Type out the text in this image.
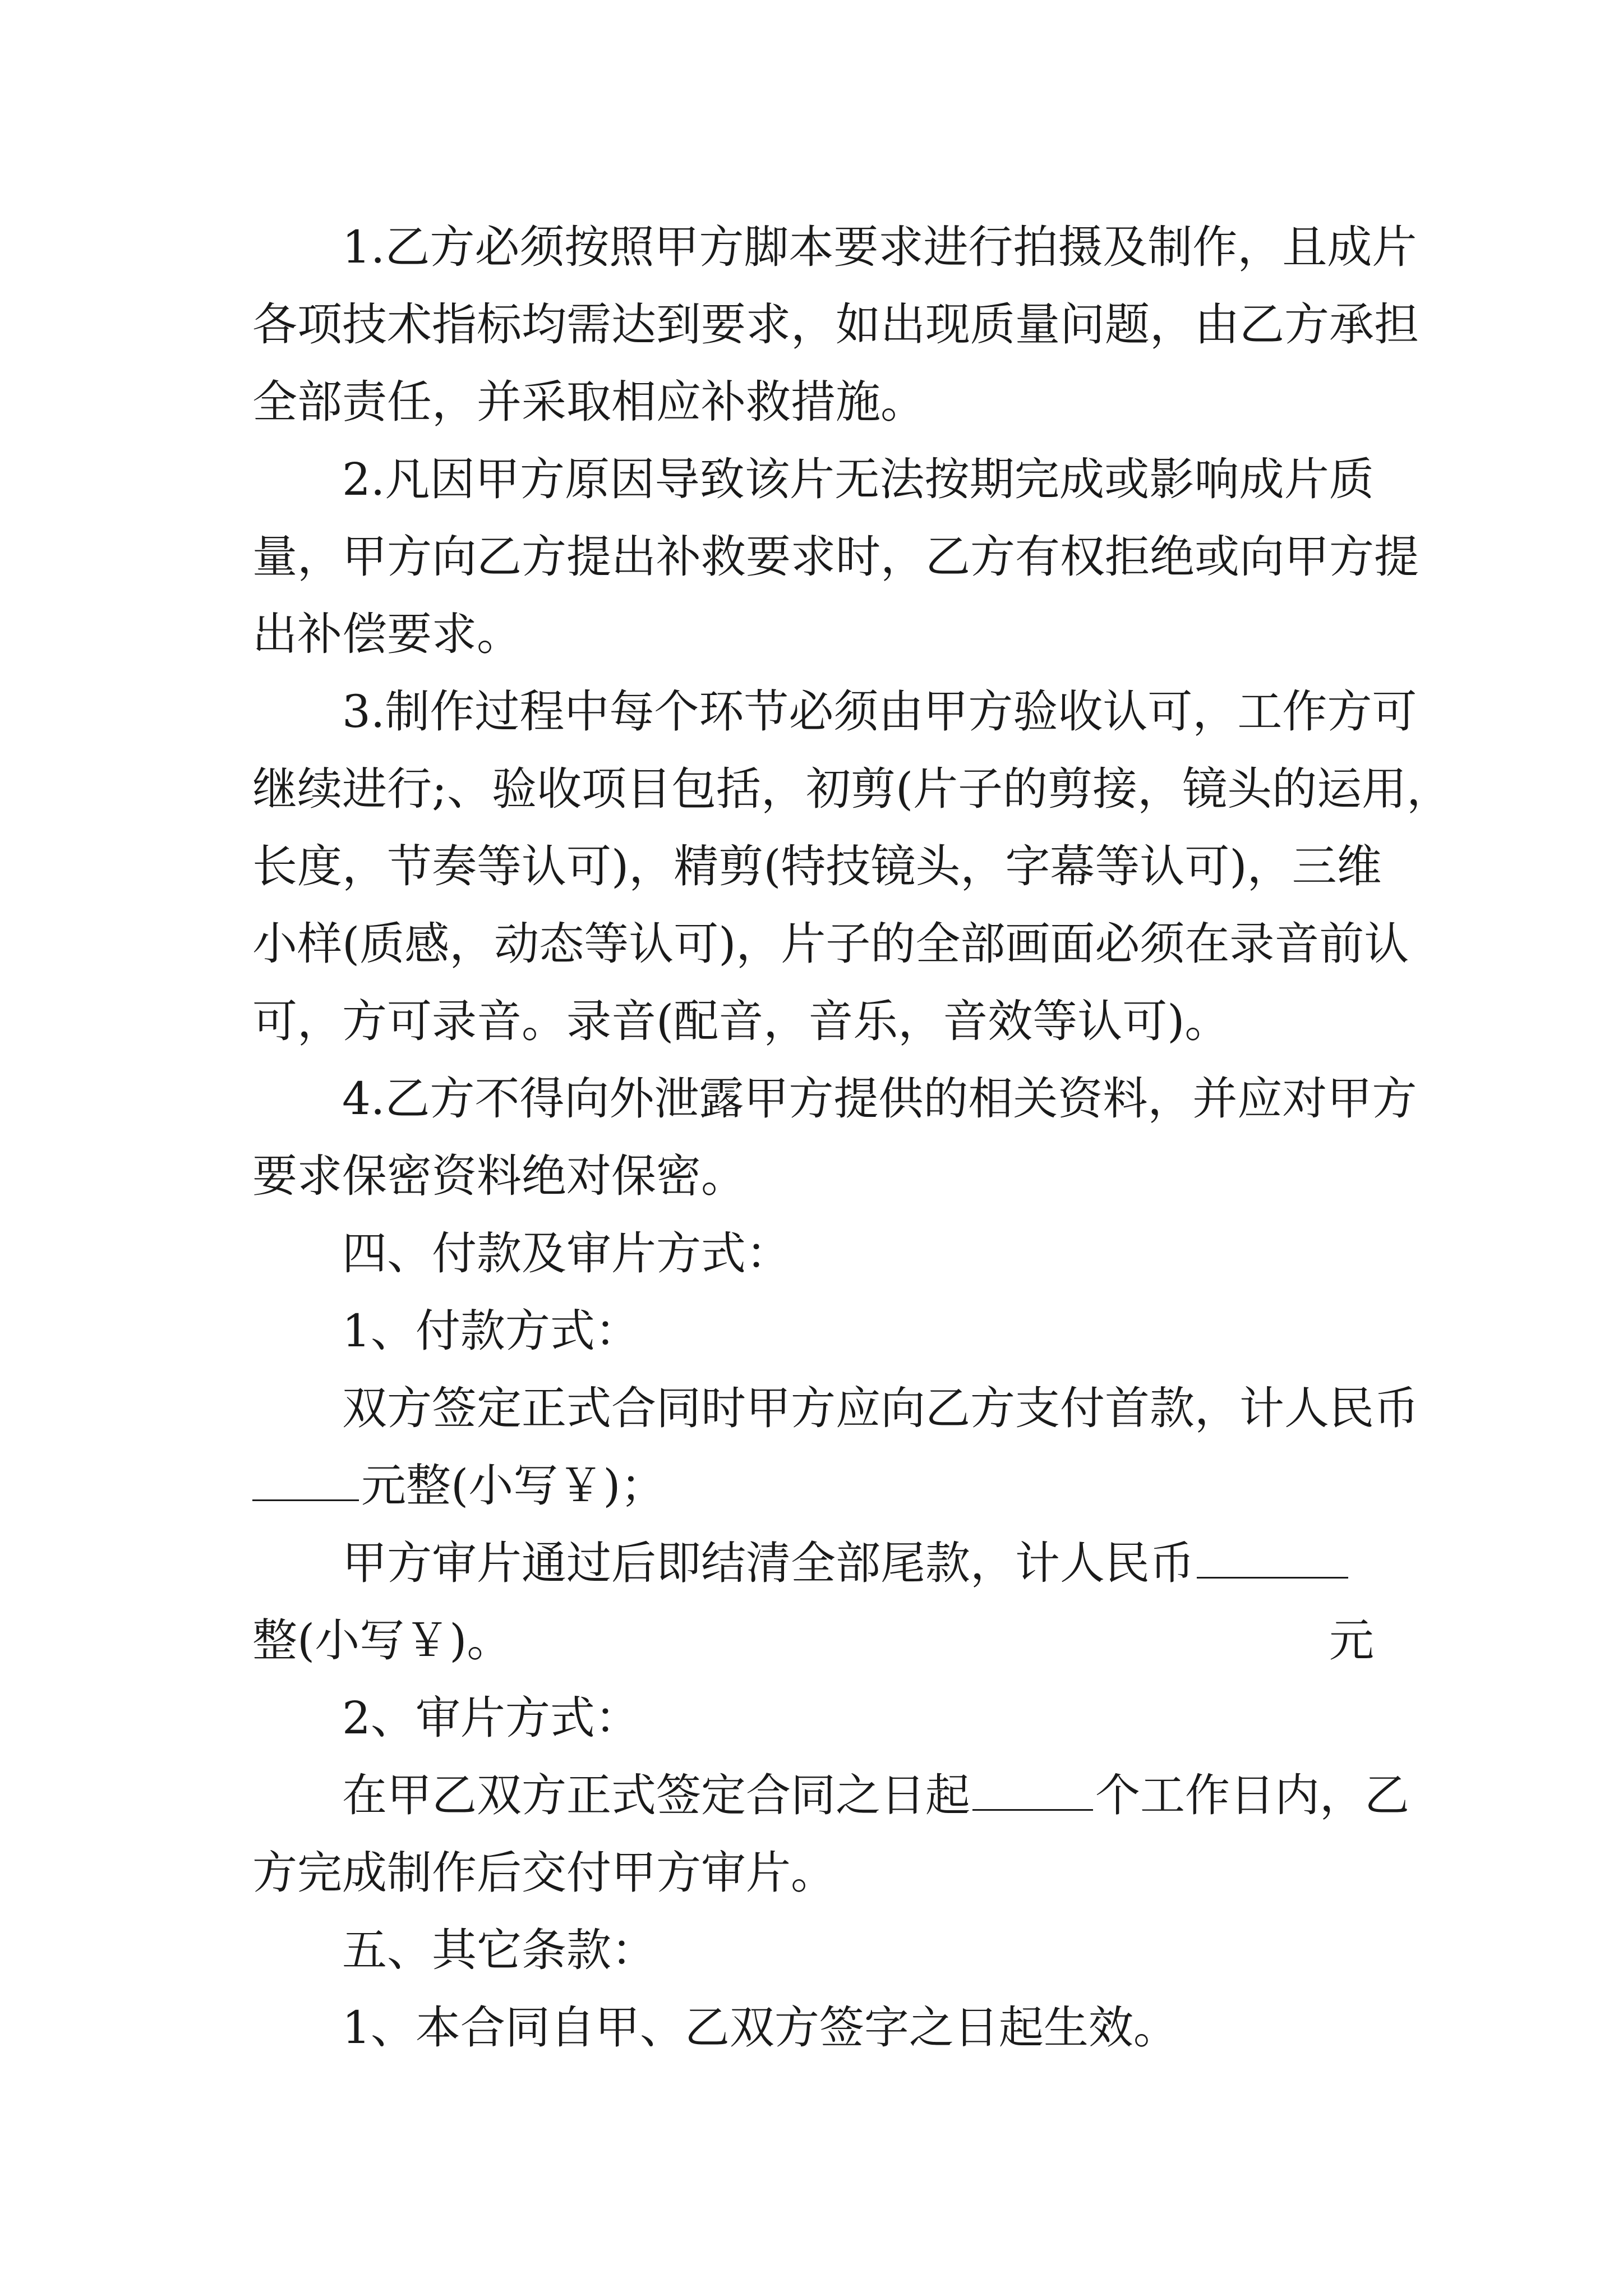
1.乙方必须按照甲方脚本要求进行拍摄及制作，且成片
各项技术指标均需达到要求，如出现质量问题，由乙方承担
全部责任，并采取相应补救措施。
2.凡因甲方原因导致该片无法按期完成或影响成片质
量，甲方向乙方提出补救要求时，乙方有权拒绝或向甲方提
出补偿要求。
3.制作过程中每个环节必须由甲方验收认可，工作方可
继续进行;、验收项目包括，初剪(片子的剪接，镜头的运用，
长度，节奏等认可)，精剪(特技镜头，字幕等认可)，三维
小样(质感，动态等认可)，片子的全部画面必须在录音前认
可，方可录音。录音(配音，音乐，音效等认可)。
4.乙方不得向外泄露甲方提供的相关资料，并应对甲方
要求保密资料绝对保密。
四、付款及审片方式：
1、付款方式：
双方签定正式合同时甲方应向乙方支付首款，计人民币
元整(小写￥)；
甲方审片通过后即结清全部尾款，计人民币
元
整(小写￥)。
2、审片方式：
在甲乙双方正式签定合同之日起	个工作日内，乙
方完成制作后交付甲方审片。
五、其它条款：
1、本合同自甲、乙双方签字之日起生效。
